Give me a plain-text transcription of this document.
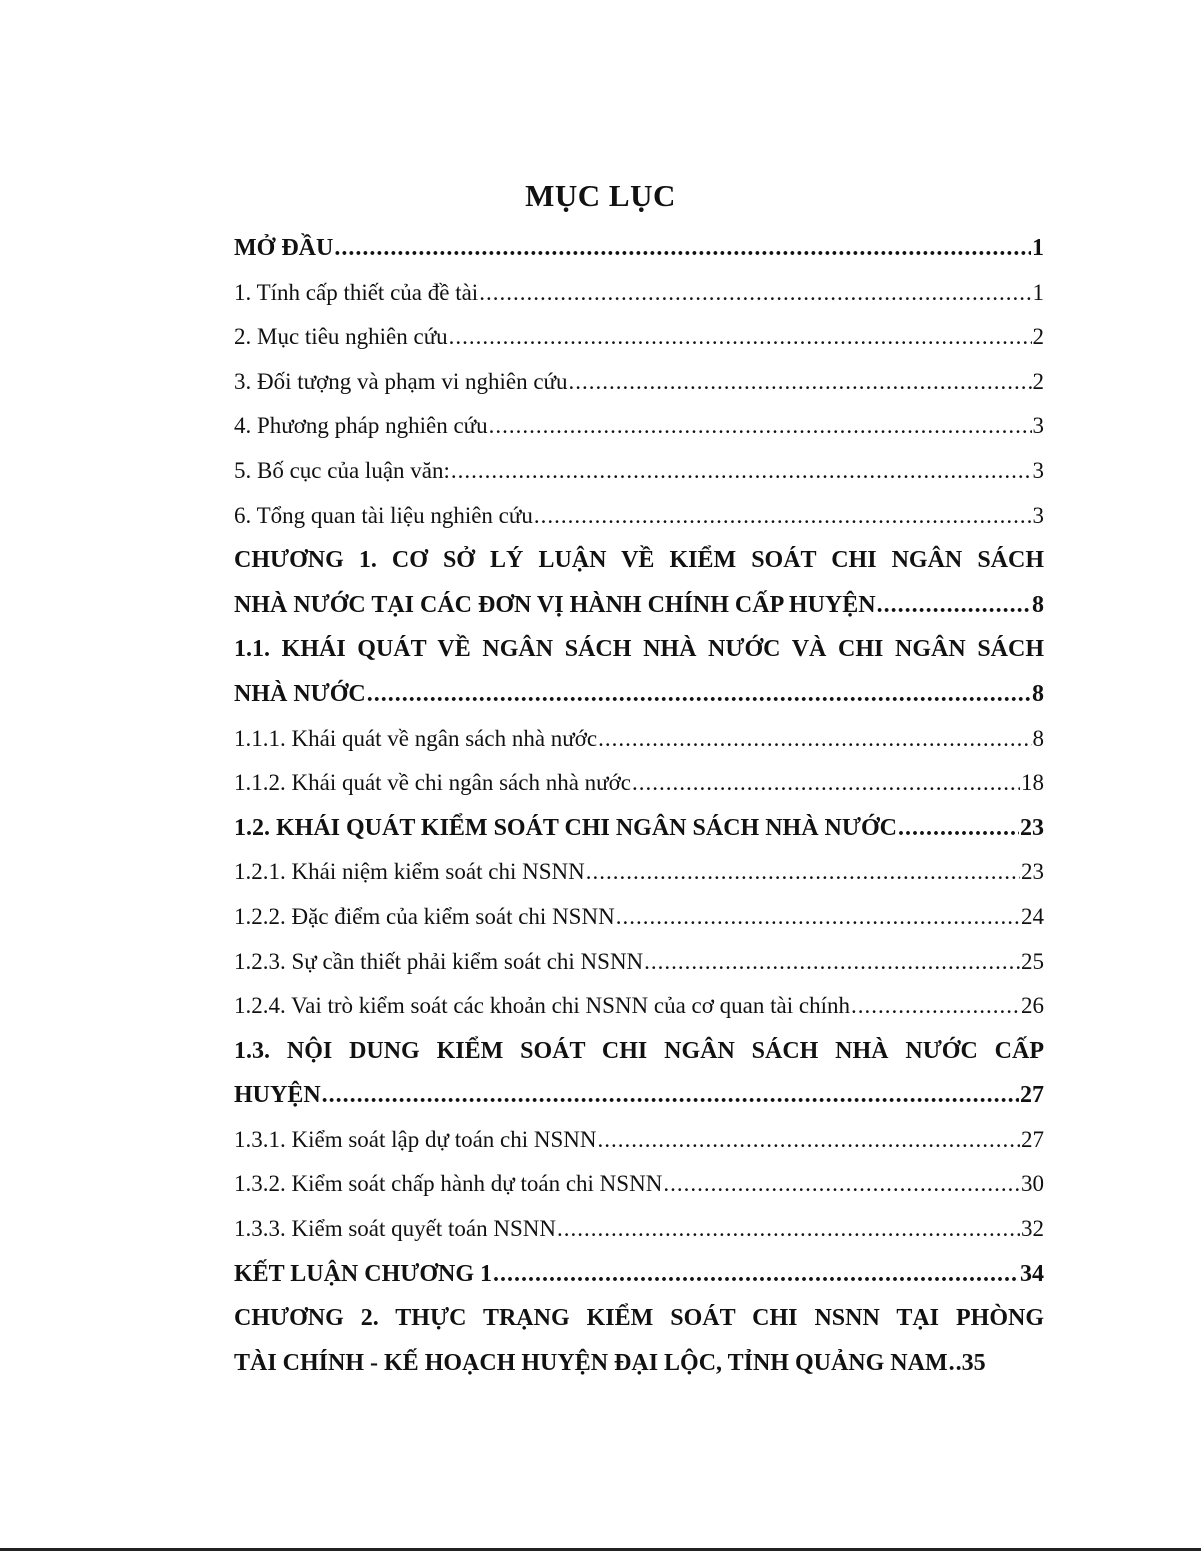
MỤC LỤC
MỞ ĐẦU .....	1
1. Tính cấp thiết của đề tài .....	1
2. Mục tiêu nghiên cứu .....	2
3. Đối tượng và phạm vi nghiên cứu .....	2
4. Phương pháp nghiên cứu .....	3
5. Bố cục của luận văn: .....	3
6. Tổng quan tài liệu nghiên cứu .....	3
CHƯƠNG 1. CƠ SỞ LÝ LUẬN VỀ KIỂM SOÁT CHI NGÂN SÁCH
NHÀ NƯỚC TẠI CÁC ĐƠN VỊ HÀNH CHÍNH CẤP HUYỆN .....	8
1.1. KHÁI QUÁT VỀ NGÂN SÁCH NHÀ NƯỚC VÀ CHI NGÂN SÁCH
NHÀ NƯỚC .....	8
1.1.1. Khái quát về ngân sách nhà nước .....	8
1.1.2. Khái quát về chi ngân sách nhà nước .....	18
1.2. KHÁI QUÁT KIỂM SOÁT CHI NGÂN SÁCH NHÀ NƯỚC .....	23
1.2.1. Khái niệm kiểm soát chi NSNN .....	23
1.2.2. Đặc điểm của kiểm soát chi NSNN .....	24
1.2.3. Sự cần thiết phải kiểm soát chi NSNN .....	25
1.2.4. Vai trò kiểm soát các khoản chi NSNN của cơ quan tài chính .....	26
1.3. NỘI DUNG KIỂM SOÁT CHI NGÂN SÁCH NHÀ NƯỚC CẤP
HUYỆN .....	27
1.3.1. Kiểm soát lập dự toán chi NSNN .....	27
1.3.2. Kiểm soát chấp hành dự toán chi NSNN .....	30
1.3.3. Kiểm soát quyết toán NSNN .....	32
KẾT LUẬN CHƯƠNG 1 .....	34
CHƯƠNG 2. THỰC TRẠNG KIỂM SOÁT CHI NSNN TẠI PHÒNG
TÀI CHÍNH - KẾ HOẠCH HUYỆN ĐẠI LỘC, TỈNH QUẢNG NAM ..... 35
